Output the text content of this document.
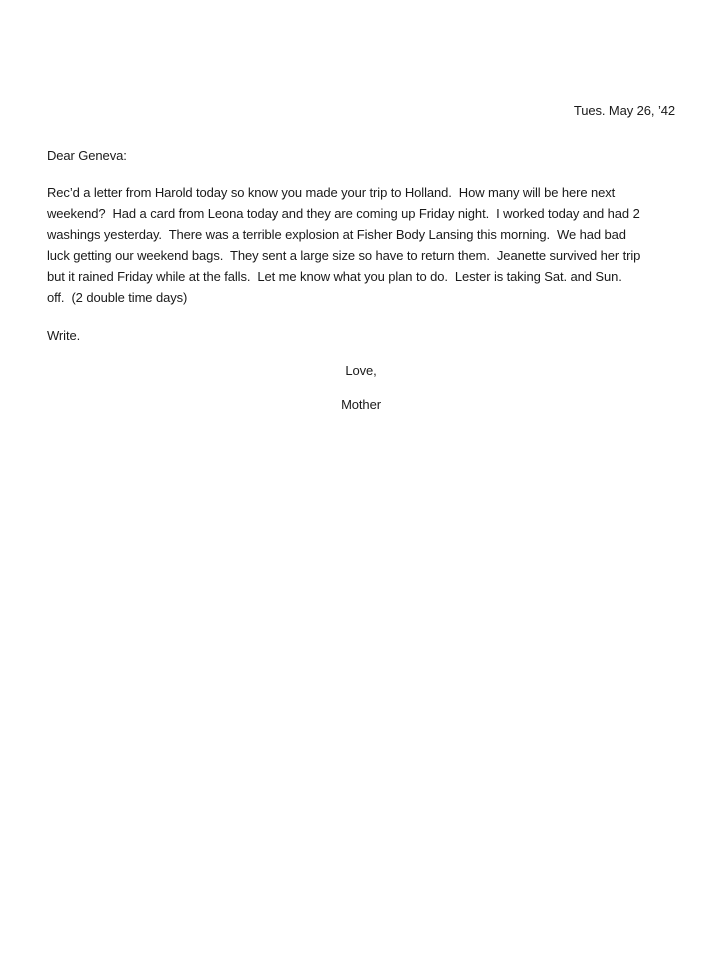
Tues. May 26, ’42

Dear Geneva:

Rec’d a letter from Harold today so know you made your trip to Holland.  How many will be here next
weekend?  Had a card from Leona today and they are coming up Friday night.  I worked today and had 2
washings yesterday.  There was a terrible explosion at Fisher Body Lansing this morning.  We had bad
luck getting our weekend bags.  They sent a large size so have to return them.  Jeanette survived her trip
but it rained Friday while at the falls.  Let me know what you plan to do.  Lester is taking Sat. and Sun.
off.  (2 double time days)

Write.

Love,

Mother
